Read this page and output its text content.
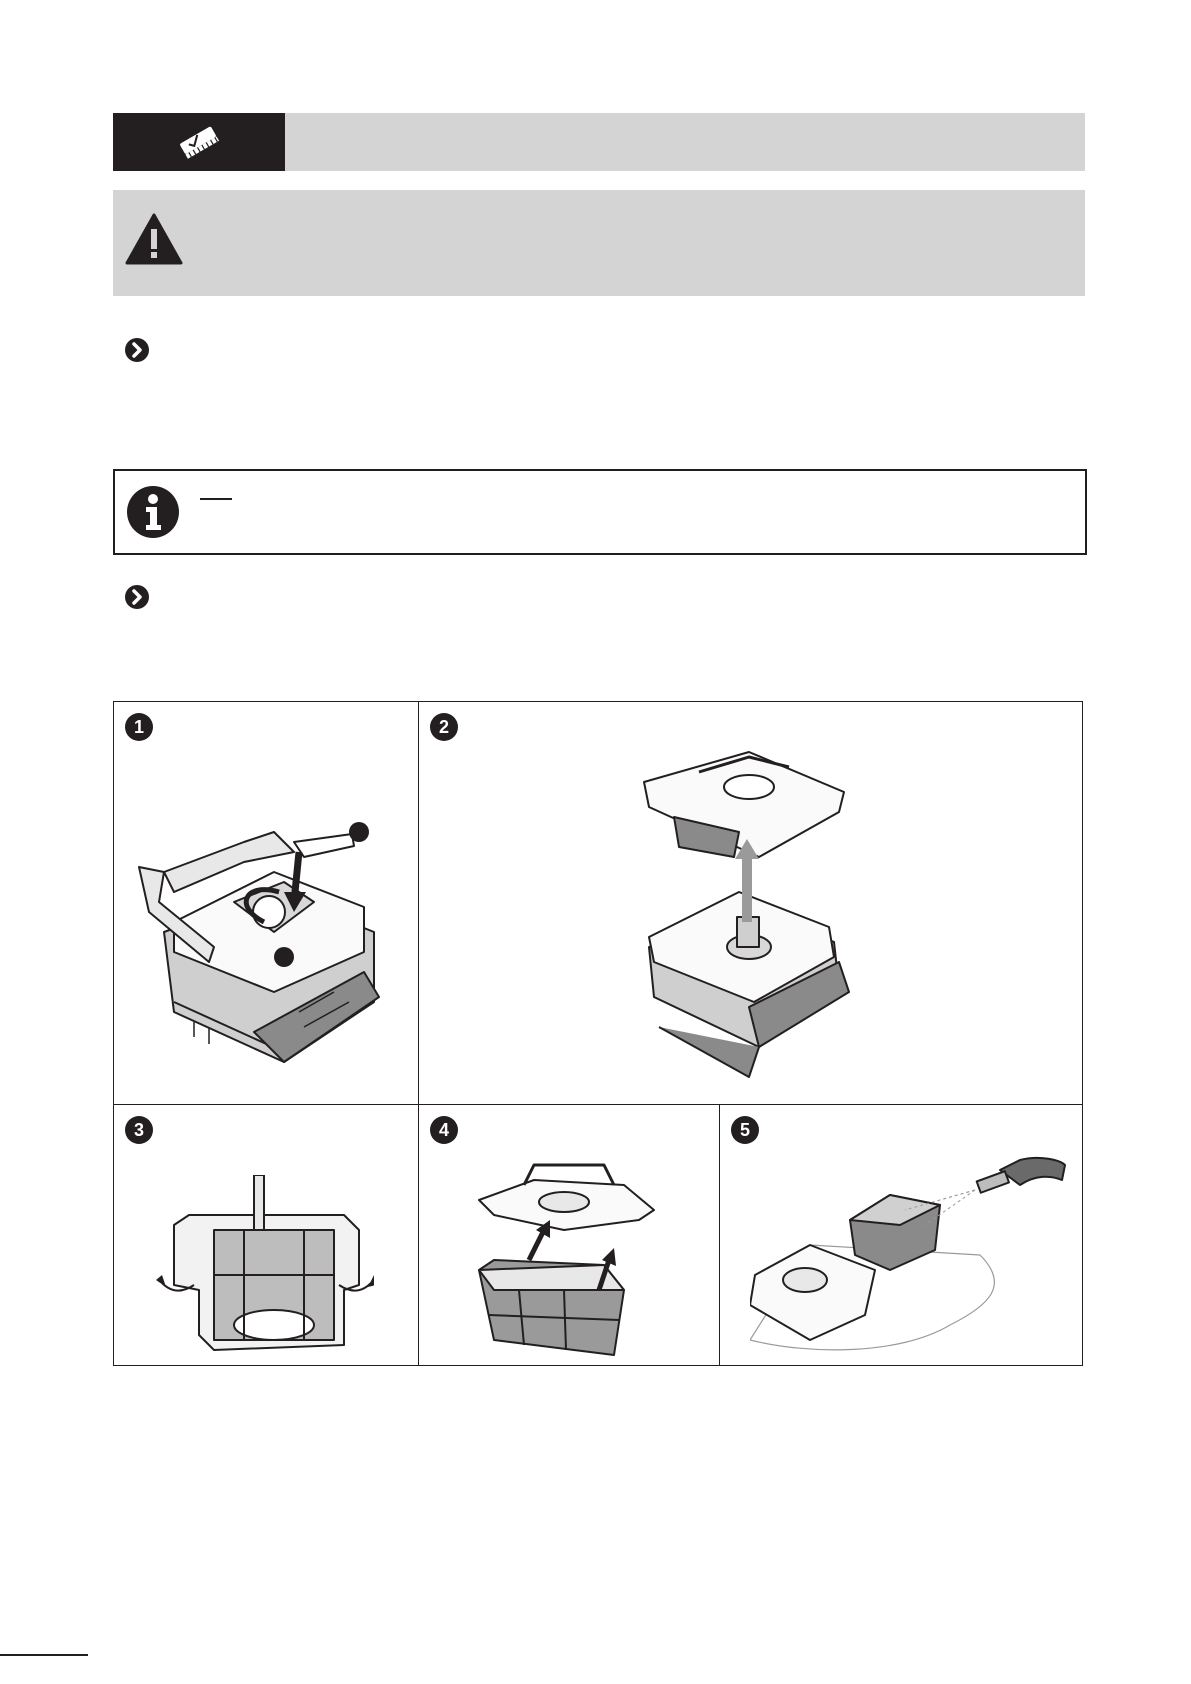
1	2
3	4	5
